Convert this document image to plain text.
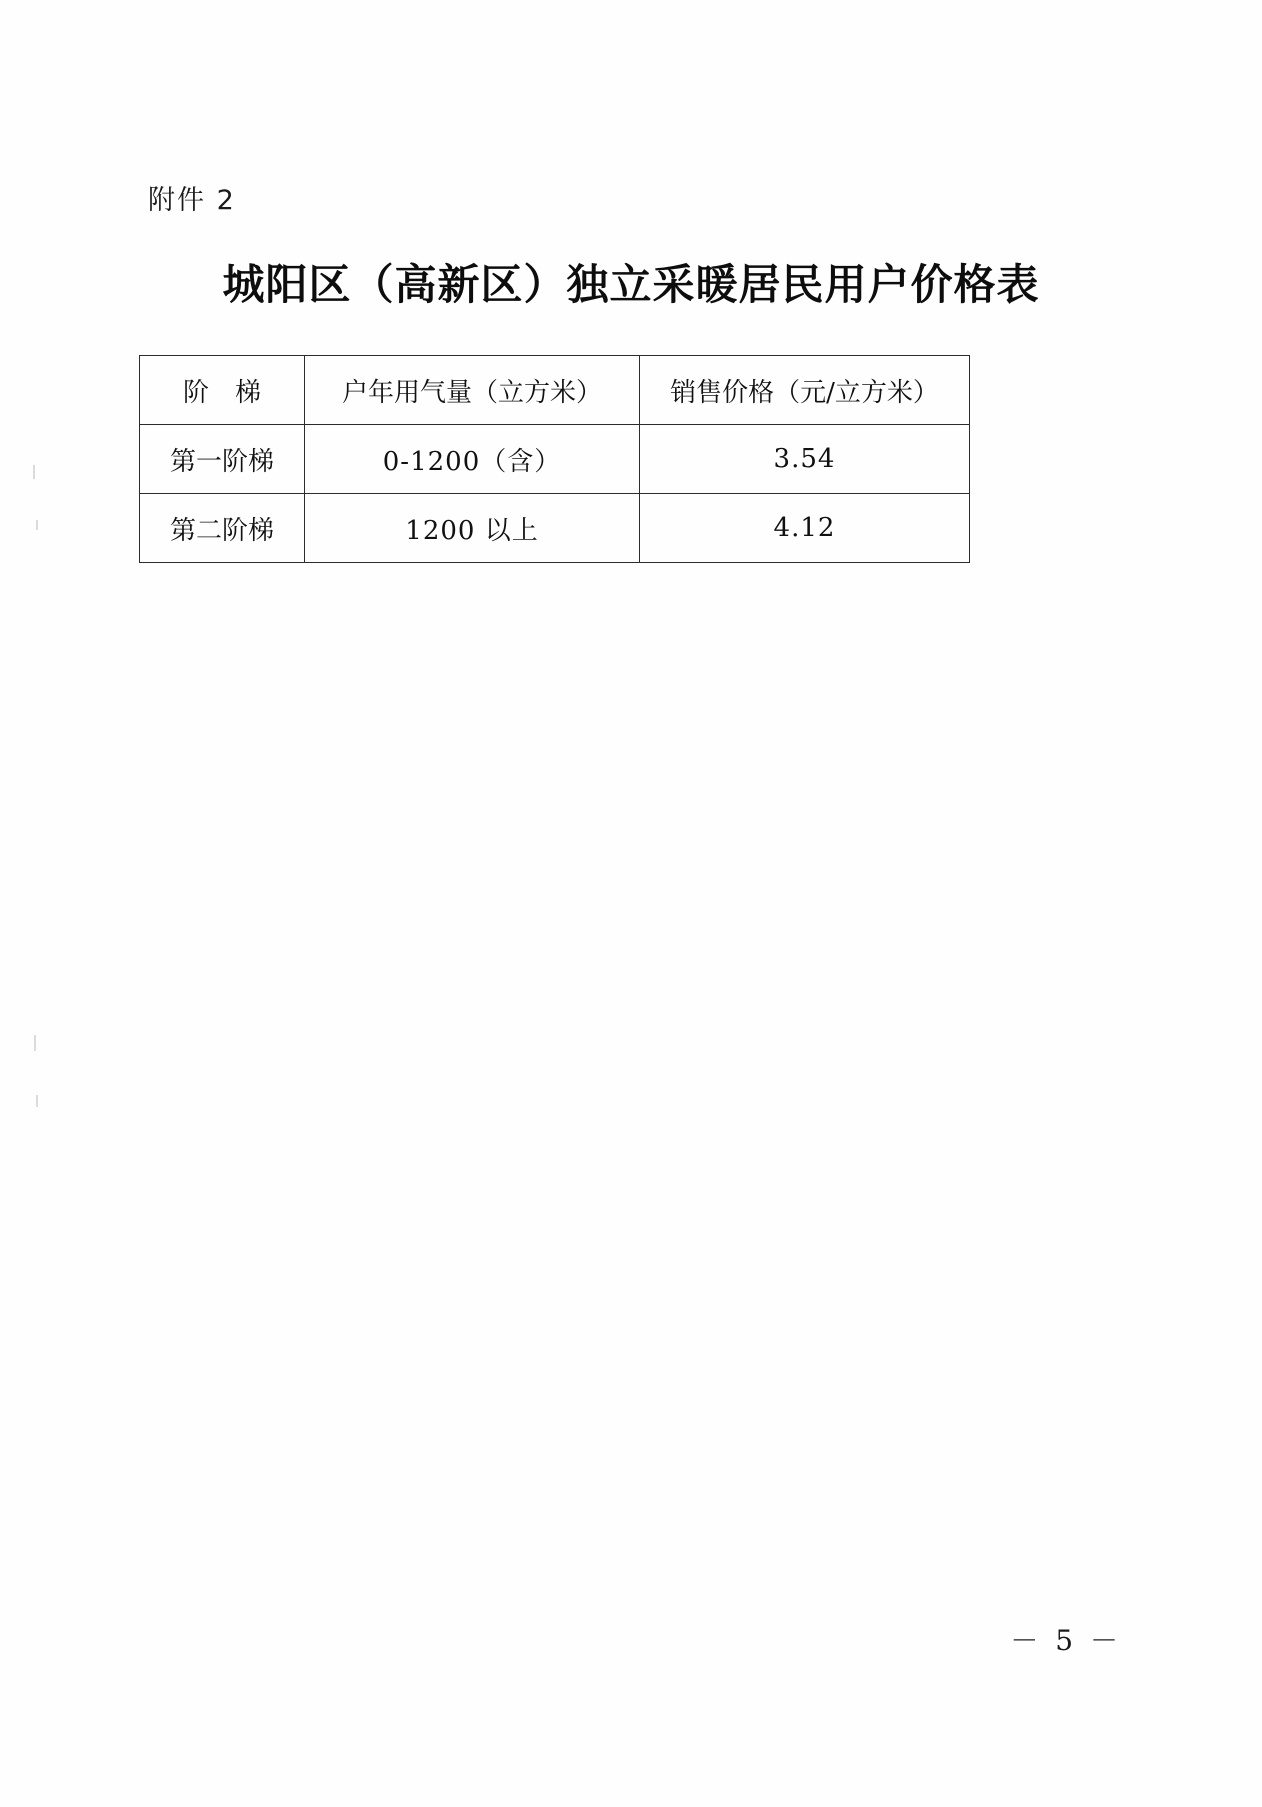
附件 2
城阳区（高新区）独立采暖居民用户价格表
阶　梯	户年用气量（立方米）	销售价格（元/立方米）
第一阶梯	0-1200（含）	3.54
第二阶梯	1200 以上	4.12
－ 5 －
